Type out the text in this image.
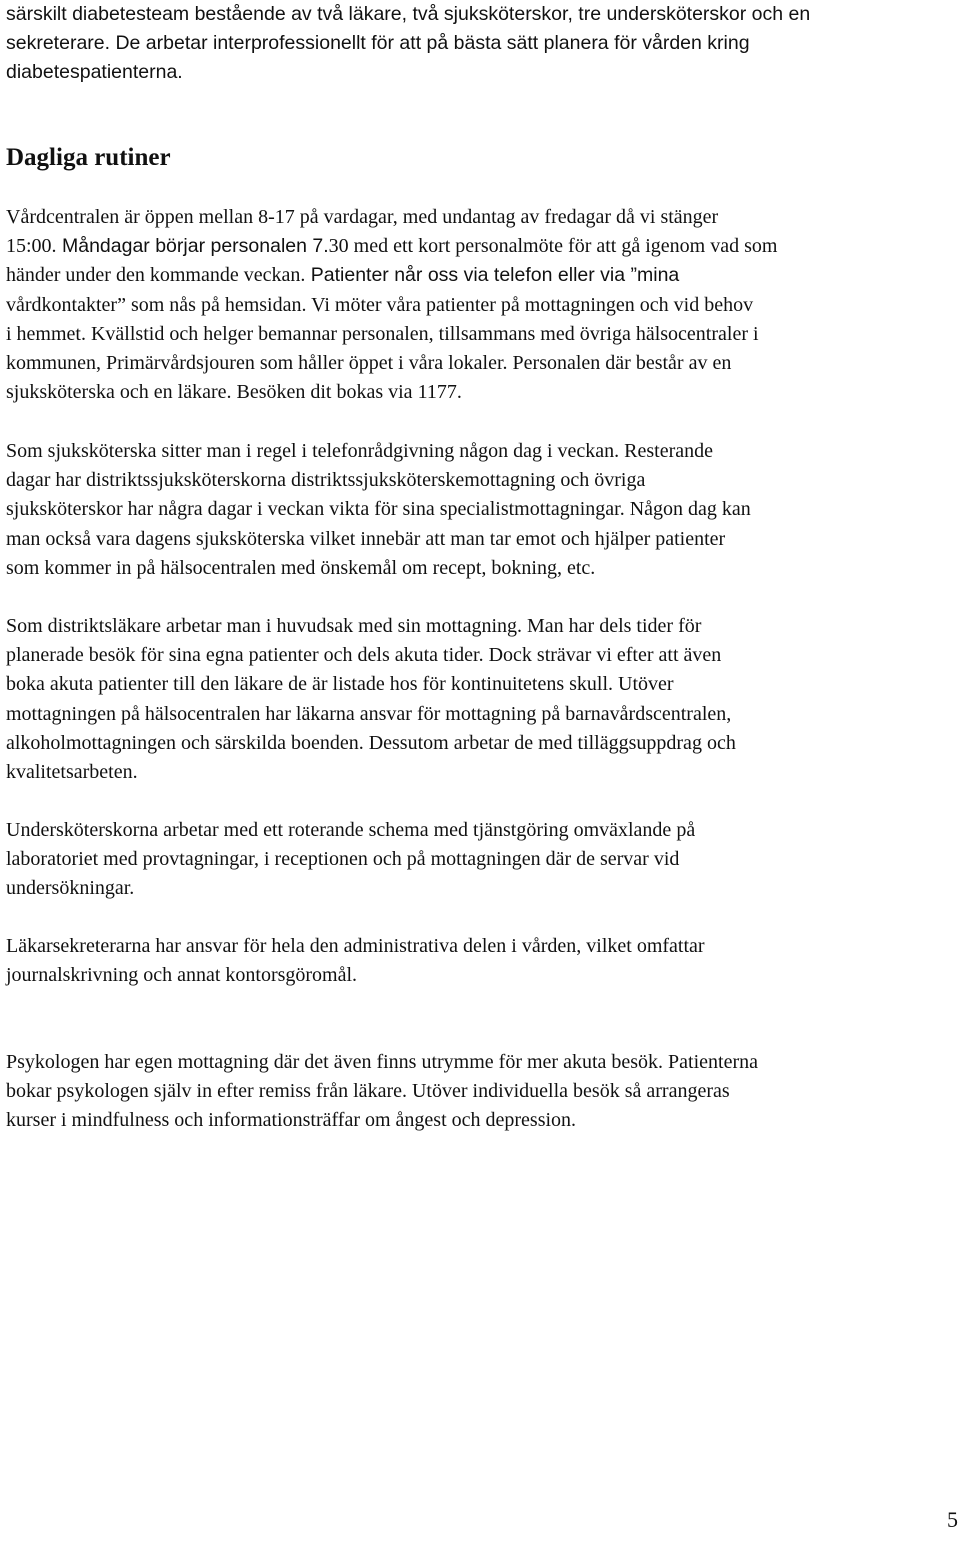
särskilt diabetesteam bestående av två läkare, två sjuksköterskor, tre undersköterskor och en

sekreterare. De arbetar interprofessionellt för att på bästa sätt planera för vården kring

diabetespatienterna.

Dagliga rutiner

Vårdcentralen är öppen mellan 8-17 på vardagar, med undantag av fredagar då vi stänger

15:00. Måndagar börjar personalen 7.30 med ett kort personalmöte för att gå igenom vad som

händer under den kommande veckan. Patienter når oss via telefon eller via ”mina

vårdkontakter” som nås på hemsidan. Vi möter våra patienter på mottagningen och vid behov

i hemmet. Kvällstid och helger bemannar personalen, tillsammans med övriga hälsocentraler i

kommunen, Primärvårdsjouren som håller öppet i våra lokaler. Personalen där består av en

sjuksköterska och en läkare. Besöken dit bokas via 1177.

Som sjuksköterska sitter man i regel i telefonrådgivning någon dag i veckan. Resterande

dagar har distriktssjuksköterskorna distriktssjuksköterskemottagning och övriga

sjuksköterskor har några dagar i veckan vikta för sina specialistmottagningar. Någon dag kan

man också vara dagens sjuksköterska vilket innebär att man tar emot och hjälper patienter

som kommer in på hälsocentralen med önskemål om recept, bokning, etc.

Som distriktsläkare arbetar man i huvudsak med sin mottagning. Man har dels tider för

planerade besök för sina egna patienter och dels akuta tider. Dock strävar vi efter att även

boka akuta patienter till den läkare de är listade hos för kontinuitetens skull. Utöver

mottagningen på hälsocentralen har läkarna ansvar för mottagning på barnavårdscentralen,

alkoholmottagningen och särskilda boenden. Dessutom arbetar de med tilläggsuppdrag och

kvalitetsarbeten.

Undersköterskorna arbetar med ett roterande schema med tjänstgöring omväxlande på

laboratoriet med provtagningar, i receptionen och på mottagningen där de servar vid

undersökningar.

Läkarsekreterarna har ansvar för hela den administrativa delen i vården, vilket omfattar

journalskrivning och annat kontorsgöromål.

Psykologen har egen mottagning där det även finns utrymme för mer akuta besök. Patienterna

bokar psykologen själv in efter remiss från läkare. Utöver individuella besök så arrangeras

kurser i mindfulness och informationsträffar om ångest och depression.

5
